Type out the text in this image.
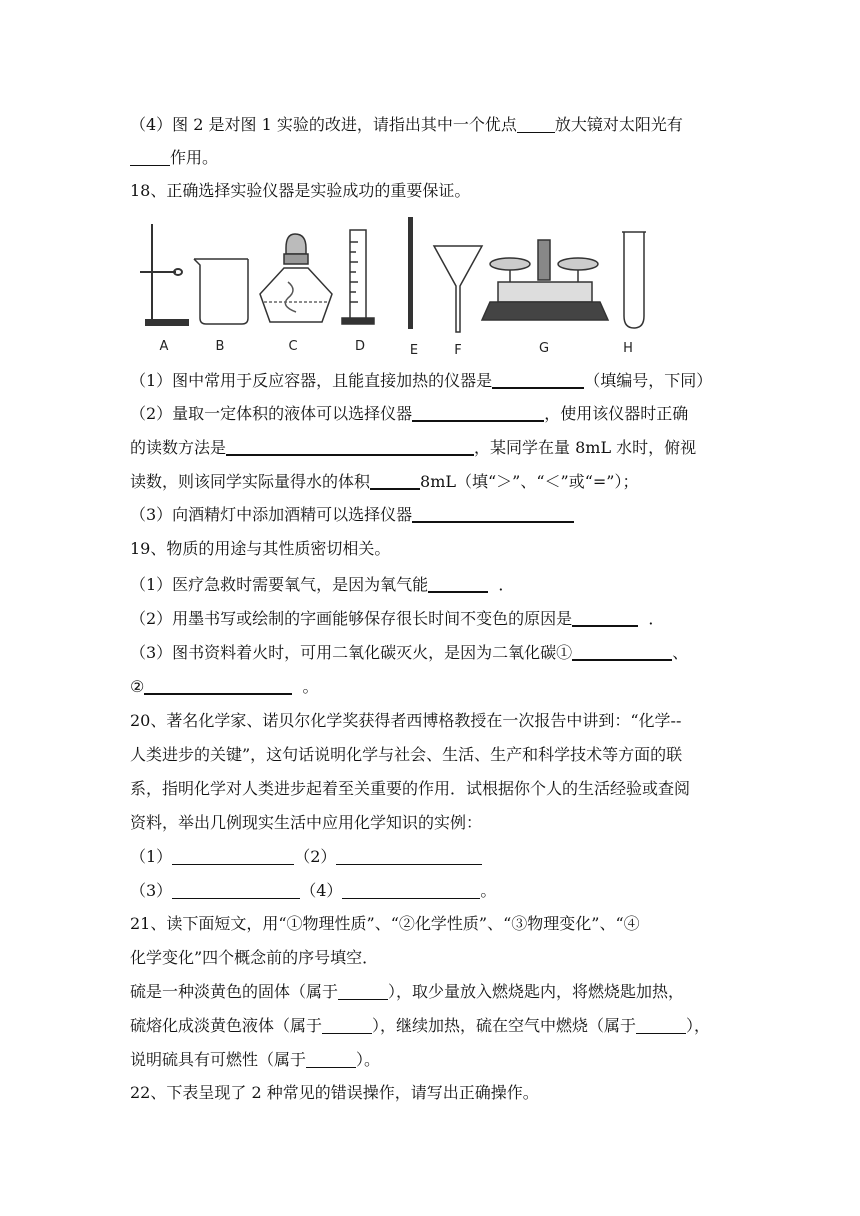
（4）图 2 是对图 1 实验的改进，请指出其中一个优点 放大镜对太阳光有
作用。
18、正确选择实验仪器是实验成功的重要保证。
A	B	C	D	E	F	G	H
（1）图中常用于反应容器，且能直接加热的仪器是	（填编号，下同）
（2）量取一定体积的液体可以选择仪器	，使用该仪器时正确
的读数方法是	，某同学在量 8mL 水时，俯视
读数，则该同学实际量得水的体积	8mL（填“＞”、“＜”或“=”）；
（3）向酒精灯中添加酒精可以选择仪器
19、物质的用途与其性质密切相关。
（1）医疗急救时需要氧气，是因为氧气能	．
（2）用墨书写或绘制的字画能够保存很长时间不变色的原因是	．
（3）图书资料着火时，可用二氧化碳灭火，是因为二氧化碳①	、
②	。
20、著名化学家、诺贝尔化学奖获得者西博格教授在一次报告中讲到：“化学--
人类进步的关键”，这句话说明化学与社会、生活、生产和科学技术等方面的联
系，指明化学对人类进步起着至关重要的作用．试根据你个人的生活经验或查阅
资料，举出几例现实生活中应用化学知识的实例：
（1）	（2）
（3）	（4）	。
21、读下面短文，用“①物理性质”、“②化学性质”、“③物理变化”、“④
化学变化”四个概念前的序号填空．
硫是一种淡黄色的固体（属于	），取少量放入燃烧匙内，将燃烧匙加热，
硫熔化成淡黄色液体（属于	），继续加热，硫在空气中燃烧（属于	），
说明硫具有可燃性（属于	）。
22、下表呈现了 2 种常见的错误操作，请写出正确操作。
